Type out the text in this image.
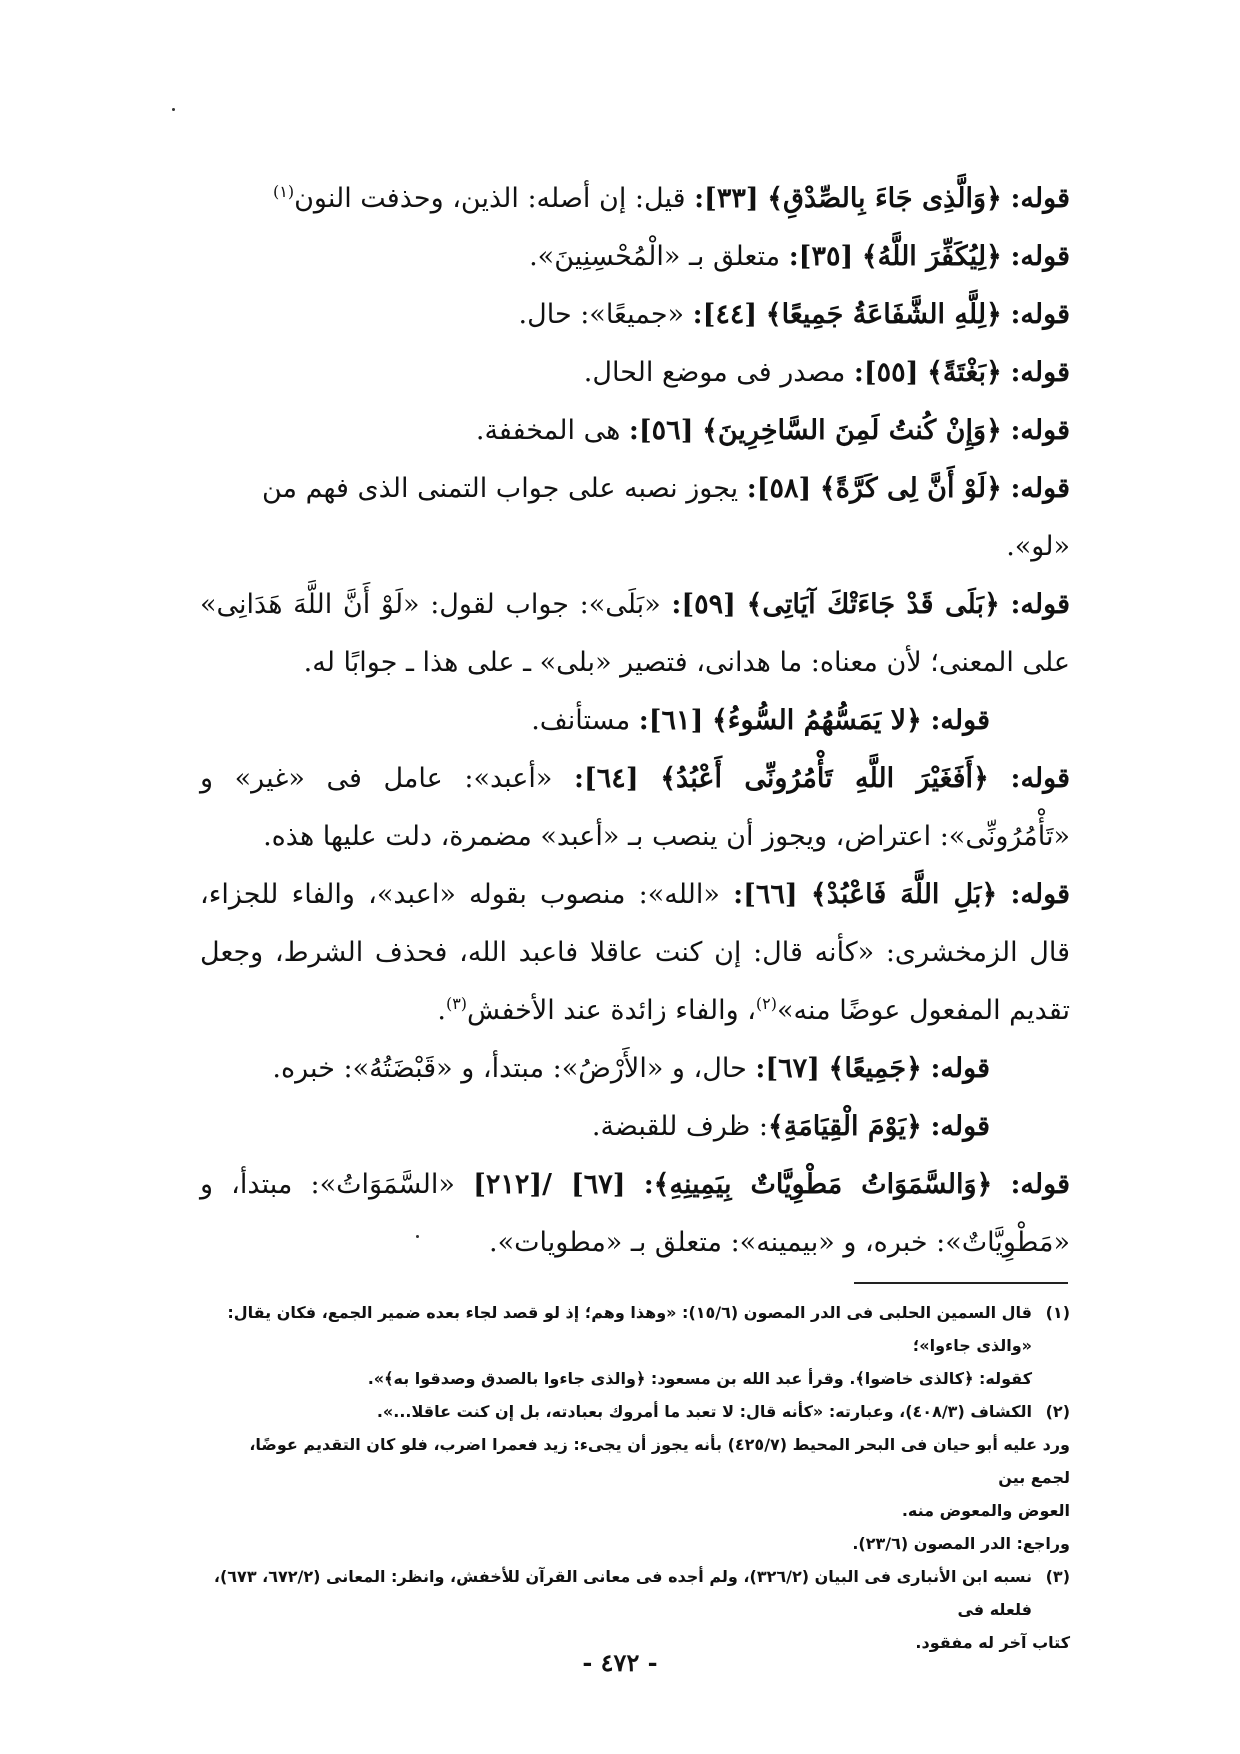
قوله: ﴿وَالَّذِى جَاءَ بِالصِّدْقِ﴾ [٣٣]: قيل: إن أصله: الذين، وحذفت النون$^{(١)}$

قوله: ﴿لِيُكَفِّرَ اللَّهُ﴾ [٣٥]: متعلق بـ «الْمُحْسِنِينَ».

قوله: ﴿لِلَّهِ الشَّفَاعَةُ جَمِيعًا﴾ [٤٤]: «جميعًا»: حال.

قوله: ﴿بَغْتَةً﴾ [٥٥]: مصدر فى موضع الحال.

قوله: ﴿وَإِنْ كُنتُ لَمِنَ السَّاخِرِينَ﴾ [٥٦]: هى المخففة.

قوله: ﴿لَوْ أَنَّ لِى كَرَّةً﴾ [٥٨]: يجوز نصبه على جواب التمنى الذى فهم من «لو».

قوله: ﴿بَلَى قَدْ جَاءَتْكَ آيَاتِى﴾ [٥٩]: «بَلَى»: جواب لقول: «لَوْ أَنَّ اللَّهَ هَدَانِى» على المعنى؛ لأن معناه: ما هدانى، فتصير «بلى» ـ على هذا ـ جوابًا له.

قوله: ﴿لا يَمَسُّهُمُ السُّوءُ﴾ [٦١]: مستأنف.

قوله: ﴿أَفَغَيْرَ اللَّهِ تَأْمُرُونِّى أَعْبُدُ﴾ [٦٤]: «أعبد»: عامل فى «غير» و «تَأْمُرُونِّى»: اعتراض، ويجوز أن ينصب بـ «أعبد» مضمرة، دلت عليها هذه.

قوله: ﴿بَلِ اللَّهَ فَاعْبُدْ﴾ [٦٦]: «الله»: منصوب بقوله «اعبد»، والفاء للجزاء، قال الزمخشرى: «كأنه قال: إن كنت عاقلا فاعبد الله، فحذف الشرط، وجعل تقديم المفعول عوضًا منه»$^{(٢)}$، والفاء زائدة عند الأخفش$^{(٣)}$.

قوله: ﴿جَمِيعًا﴾ [٦٧]: حال، و «الأَرْضُ»: مبتدأ، و «قَبْضَتُهُ»: خبره.

قوله: ﴿يَوْمَ الْقِيَامَةِ﴾: ظرف للقبضة.

قوله: ﴿وَالسَّمَوَاتُ مَطْوِيَّاتٌ بِيَمِينِهِ﴾: [٦٧] /[٢١٢] «السَّمَوَاتُ»: مبتدأ، و «مَطْوِيَّاتٌ»: خبره، و «بيمينه»: متعلق بـ «مطويات».

(١)

قال السمين الحلبى فى الدر المصون (١٥/٦): «وهذا وهم؛ إذ لو قصد لجاء بعده ضمير الجمع، فكان يقال: «والذى جاءوا»؛

كقوله: ﴿كالذى خاضوا﴾. وقرأ عبد الله بن مسعود: ﴿والذى جاءوا بالصدق وصدقوا به﴾».

(٢)

الكشاف (٤٠٨/٣)، وعبارته: «كأنه قال: لا تعبد ما أمروك بعبادته، بل إن كنت عاقلا...».

ورد عليه أبو حيان فى البحر المحيط (٤٢٥/٧) بأنه يجوز أن يجىء: زيد فعمرا اضرب، فلو كان التقديم عوضًا، لجمع بين

العوض والمعوض منه.

وراجع: الدر المصون (٢٣/٦).

(٣)

نسبه ابن الأنبارى فى البيان (٣٢٦/٢)، ولم أجده فى معانى القرآن للأخفش، وانظر: المعانى (٦٧٢/٢، ٦٧٣)، فلعله فى

كتاب آخر له مفقود.

- ٤٧٢ -
